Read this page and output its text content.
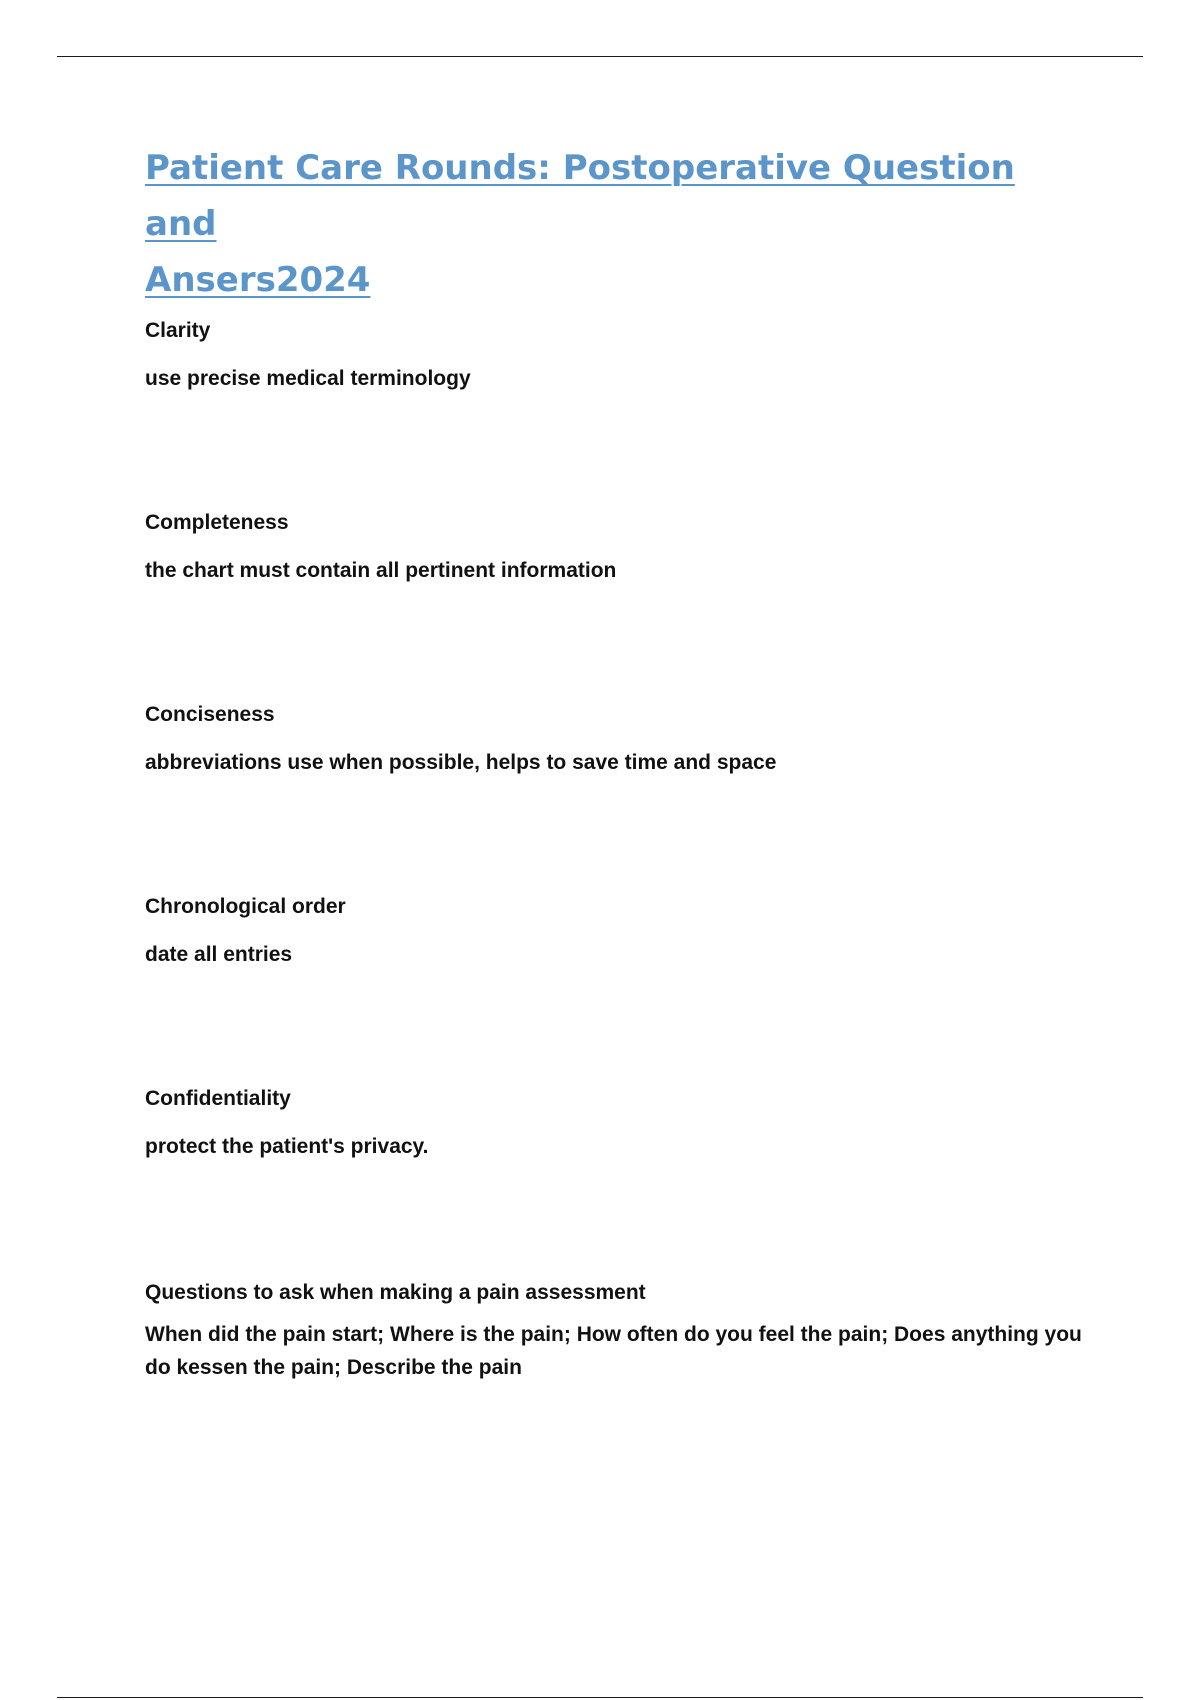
Patient Care Rounds: Postoperative Question and
Ansers2024

Clarity

use precise medical terminology

Completeness

the chart must contain all pertinent information

Conciseness

abbreviations use when possible, helps to save time and space

Chronological order

date all entries

Confidentiality

protect the patient's privacy.

Questions to ask when making a pain assessment

When did the pain start; Where is the pain; How often do you feel the pain; Does anything you do kessen the pain; Describe the pain
